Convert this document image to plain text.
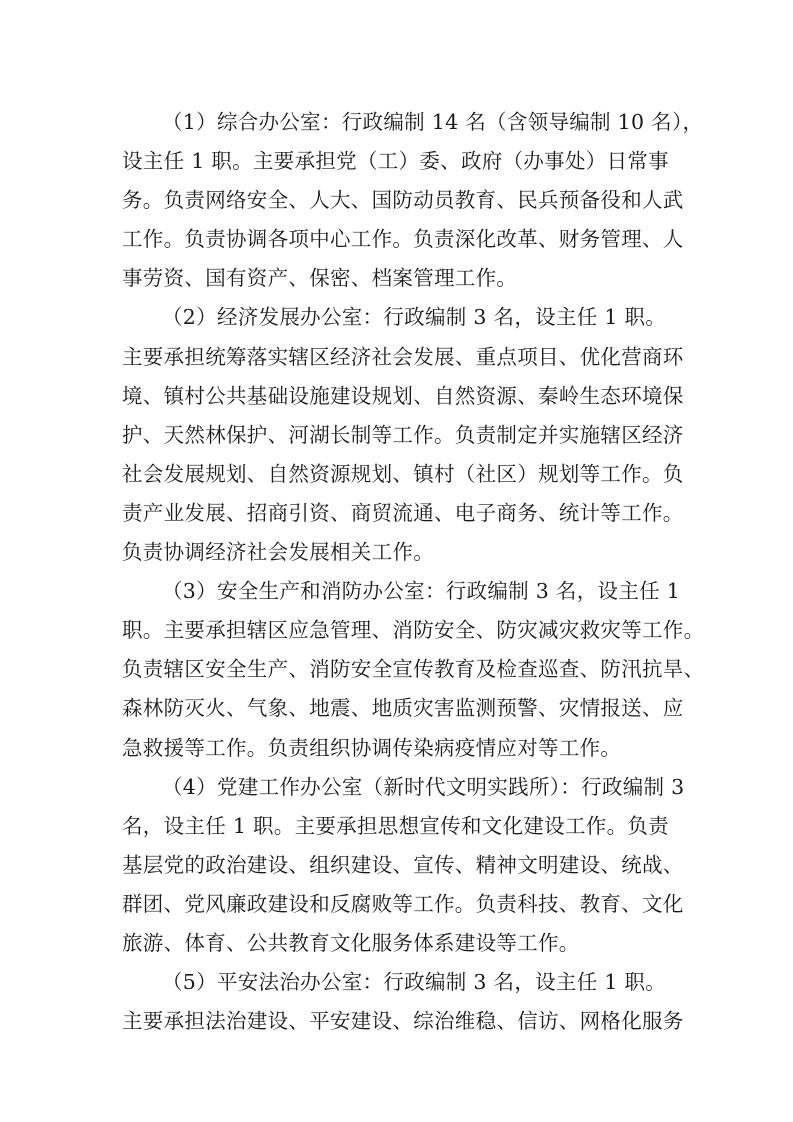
（1）综合办公室：行政编制 14 名（含领导编制 10 名），
设主任 1 职。主要承担党（工）委、政府（办事处）日常事
务。负责网络安全、人大、国防动员教育、民兵预备役和人武
工作。负责协调各项中心工作。负责深化改革、财务管理、人
事劳资、国有资产、保密、档案管理工作。
（2）经济发展办公室：行政编制 3 名，设主任 1 职。
主要承担统筹落实辖区经济社会发展、重点项目、优化营商环
境、镇村公共基础设施建设规划、自然资源、秦岭生态环境保
护、天然林保护、河湖长制等工作。负责制定并实施辖区经济
社会发展规划、自然资源规划、镇村（社区）规划等工作。负
责产业发展、招商引资、商贸流通、电子商务、统计等工作。
负责协调经济社会发展相关工作。
（3）安全生产和消防办公室：行政编制 3 名，设主任 1
职。主要承担辖区应急管理、消防安全、防灾减灾救灾等工作。
负责辖区安全生产、消防安全宣传教育及检查巡查、防汛抗旱、
森林防灭火、气象、地震、地质灾害监测预警、灾情报送、应
急救援等工作。负责组织协调传染病疫情应对等工作。
（4）党建工作办公室（新时代文明实践所）：行政编制 3
名，设主任 1 职。主要承担思想宣传和文化建设工作。负责
基层党的政治建设、组织建设、宣传、精神文明建设、统战、
群团、党风廉政建设和反腐败等工作。负责科技、教育、文化
旅游、体育、公共教育文化服务体系建设等工作。
（5）平安法治办公室：行政编制 3 名，设主任 1 职。
主要承担法治建设、平安建设、综治维稳、信访、网格化服务
